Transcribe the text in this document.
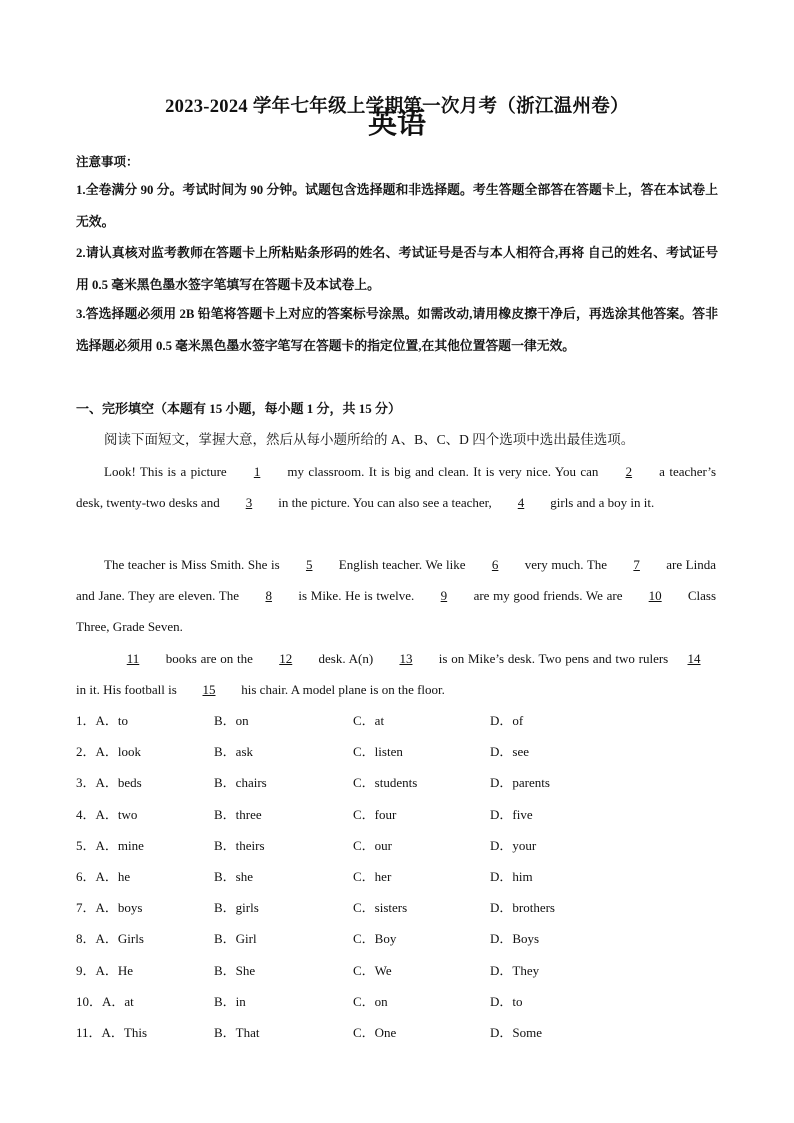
2023-2024 学年七年级上学期第一次月考（浙江温州卷）
英语
注意事项：
1.全卷满分 90 分。考试时间为 90 分钟。试题包含选择题和非选择题。考生答题全部答在答题卡上，答在本试卷上无效。
2.请认真核对监考教师在答题卡上所粘贴条形码的姓名、考试证号是否与本人相符合,再将 自己的姓名、考试证号用 0.5 毫米黑色墨水签字笔填写在答题卡及本试卷上。
3.答选择题必须用 2B 铅笔将答题卡上对应的答案标号涂黑。如需改动,请用橡皮擦干净后，再选涂其他答案。答非选择题必须用 0.5 毫米黑色墨水签字笔写在答题卡的指定位置,在其他位置答题一律无效。
一、完形填空（本题有 15 小题，每小题 1 分，共 15 分）
阅读下面短文，掌握大意，然后从每小题所给的 A、B、C、D 四个选项中选出最佳选项。
Look! This is a picture 1 my classroom. It is big and clean. It is very nice. You can 2 a teacher’s desk, twenty-two desks and 3 in the picture. You can also see a teacher, 4 girls and a boy in it.
The teacher is Miss Smith. She is 5 English teacher. We like 6 very much. The 7 are Linda and Jane. They are eleven. The 8 is Mike. He is twelve. 9 are my good friends. We are 10 Class Three, Grade Seven.
11 books are on the 12 desk. A(n) 13 is on Mike’s desk. Two pens and two rulers 14 in it. His football is 15 his chair. A model plane is on the floor.
1．A．to	B．on	C．at	D．of
2．A．look	B．ask	C．listen	D．see
3．A．beds	B．chairs	C．students	D．parents
4．A．two	B．three	C．four	D．five
5．A．mine	B．theirs	C．our	D．your
6．A．he	B．she	C．her	D．him
7．A．boys	B．girls	C．sisters	D．brothers
8．A．Girls	B．Girl	C．Boy	D．Boys
9．A．He	B．She	C．We	D．They
10．A．at	B．in	C．on	D．to
11．A．This	B．That	C．One	D．Some
